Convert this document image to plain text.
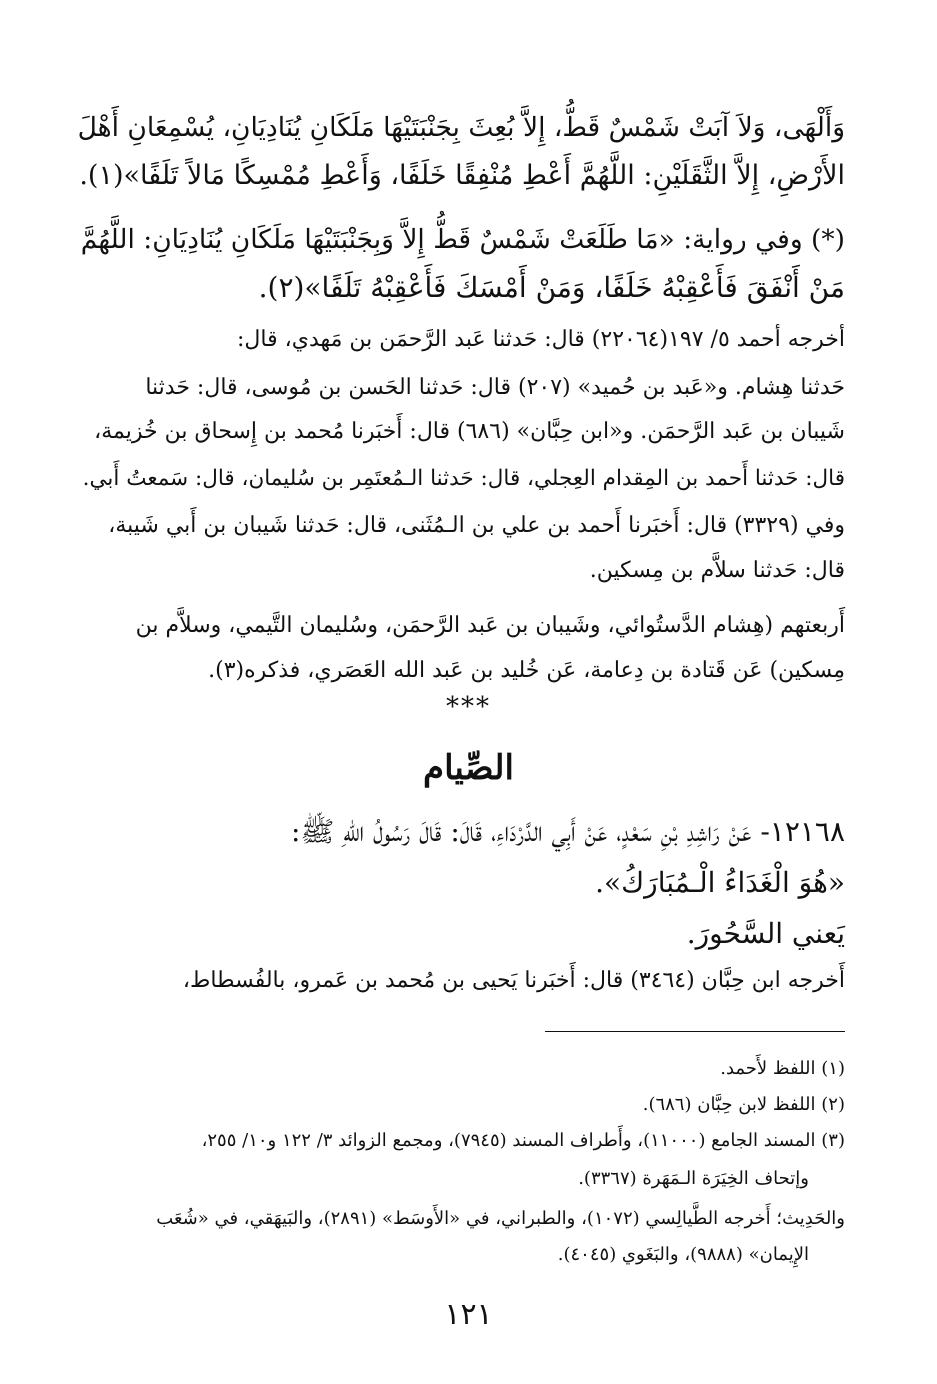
وَأَلْهَى، وَلاَ آبَتْ شَمْسٌ قَطُّ، إِلاَّ بُعِثَ بِجَنْبَتَيْهَا مَلَكَانِ يُنَادِيَانِ، يُسْمِعَانِ أَهْلَ
الأَرْضِ، إِلاَّ الثَّقَلَيْنِ: اللَّهُمَّ أَعْطِ مُنْفِقًا خَلَفًا، وَأَعْطِ مُمْسِكًا مَالاً تَلَفًا»(١).
(*) وفي رواية: «مَا طَلَعَتْ شَمْسٌ قَطُّ إِلاَّ وَبِجَنْبَتَيْهَا مَلَكَانِ يُنَادِيَانِ: اللَّهُمَّ
مَنْ أَنْفَقَ فَأَعْقِبْهُ خَلَفًا، وَمَنْ أَمْسَكَ فَأَعْقِبْهُ تَلَفًا»(٢).
أخرجه أحمد ٥/ ١٩٧(٢٢٠٦٤) قال: حَدثنا عَبد الرَّحمَن بن مَهدي، قال:
حَدثنا هِشام. و«عَبد بن حُميد» (٢٠٧) قال: حَدثنا الحَسن بن مُوسى، قال: حَدثنا
شَيبان بن عَبد الرَّحمَن. و«ابن حِبَّان» (٦٨٦) قال: أَخبَرنا مُحمد بن إِسحاق بن خُزيمة،
قال: حَدثنا أَحمد بن المِقدام العِجلي، قال: حَدثنا الـمُعتَمِر بن سُليمان، قال: سَمعتُ أَبي.
وفي (٣٣٢٩) قال: أَخبَرنا أَحمد بن علي بن الـمُثَنى، قال: حَدثنا شَيبان بن أَبي شَيبة،
قال: حَدثنا سلاَّم بن مِسكين.
أَربعتهم (هِشام الدَّستُوائي، وشَيبان بن عَبد الرَّحمَن، وسُليمان التَّيمي، وسلاَّم بن
مِسكين) عَن قَتادة بن دِعامة، عَن خُليد بن عَبد الله العَصَري، فذكره(٣).
***
الصِّيام
١٢١٦٨- عَنْ رَاشِدِ بْنِ سَعْدٍ، عَنْ أَبِي الدَّرْدَاءِ، قَالَ: قَالَ رَسُولُ اللهِ ﷺ:
«هُوَ الْغَدَاءُ الْـمُبَارَكُ».
يَعني السَّحُورَ.
أَخرجه ابن حِبَّان (٣٤٦٤) قال: أَخبَرنا يَحيى بن مُحمد بن عَمرو، بالفُسطاط،
(١) اللفظ لأَحمد.
(٢) اللفظ لابن حِبَّان (٦٨٦).
(٣) المسند الجامع (١١٠٠٠)، وأَطراف المسند (٧٩٤٥)، ومجمع الزوائد ٣/ ١٢٢ و١٠/ ٢٥٥،
وإتحاف الخِيَرَة الـمَهَرة (٣٣٦٧).
والحَدِيث؛ أَخرجه الطَّيالِسي (١٠٧٢)، والطبراني، في «الأَوسَط» (٢٨٩١)، والبَيهَقي، في «شُعَب
الإِيمان» (٩٨٨٨)، والبَغَوي (٤٠٤٥).
١٢١
